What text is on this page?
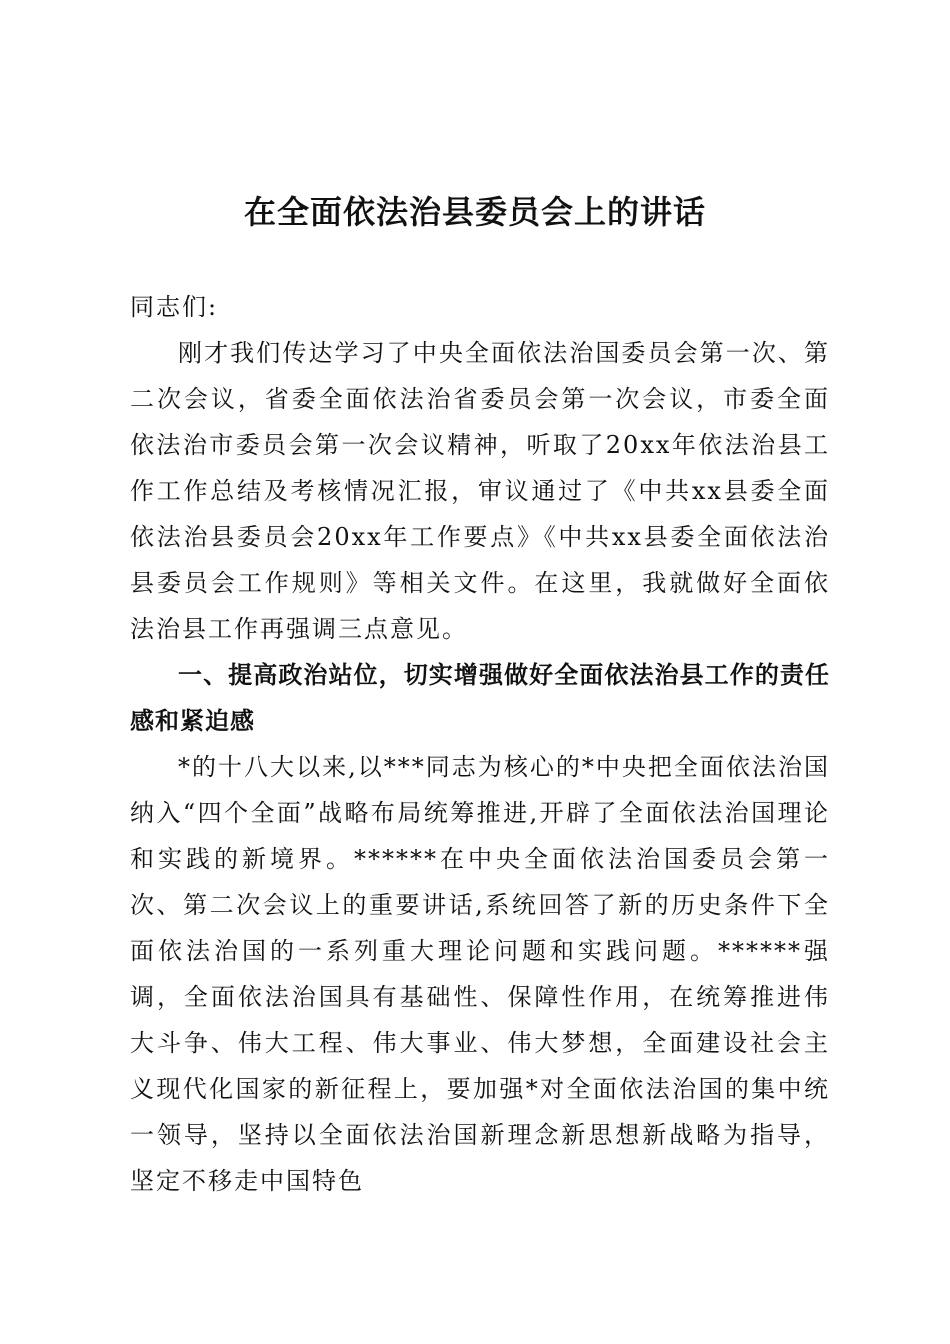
在全面依法治县委员会上的讲话

同志们:

刚才我们传达学习了中央全面依法治国委员会第一次、第二次会议，省委全面依法治省委员会第一次会议，市委全面依法治市委员会第一次会议精神，听取了20xx年依法治县工作工作总结及考核情况汇报，审议通过了《中共xx县委全面依法治县委员会20xx年工作要点》《中共xx县委全面依法治县委员会工作规则》等相关文件。在这里，我就做好全面依法治县工作再强调三点意见。

一、提高政治站位，切实增强做好全面依法治县工作的责任感和紧迫感

*的十八大以来,以***同志为核心的*中央把全面依法治国纳入“四个全面”战略布局统筹推进,开辟了全面依法治国理论和实践的新境界。******在中央全面依法治国委员会第一次、第二次会议上的重要讲话,系统回答了新的历史条件下全面依法治国的一系列重大理论问题和实践问题。******强调，全面依法治国具有基础性、保障性作用，在统筹推进伟大斗争、伟大工程、伟大事业、伟大梦想，全面建设社会主义现代化国家的新征程上，要加强*对全面依法治国的集中统一领导，坚持以全面依法治国新理念新思想新战略为指导，坚定不移走中国特色
